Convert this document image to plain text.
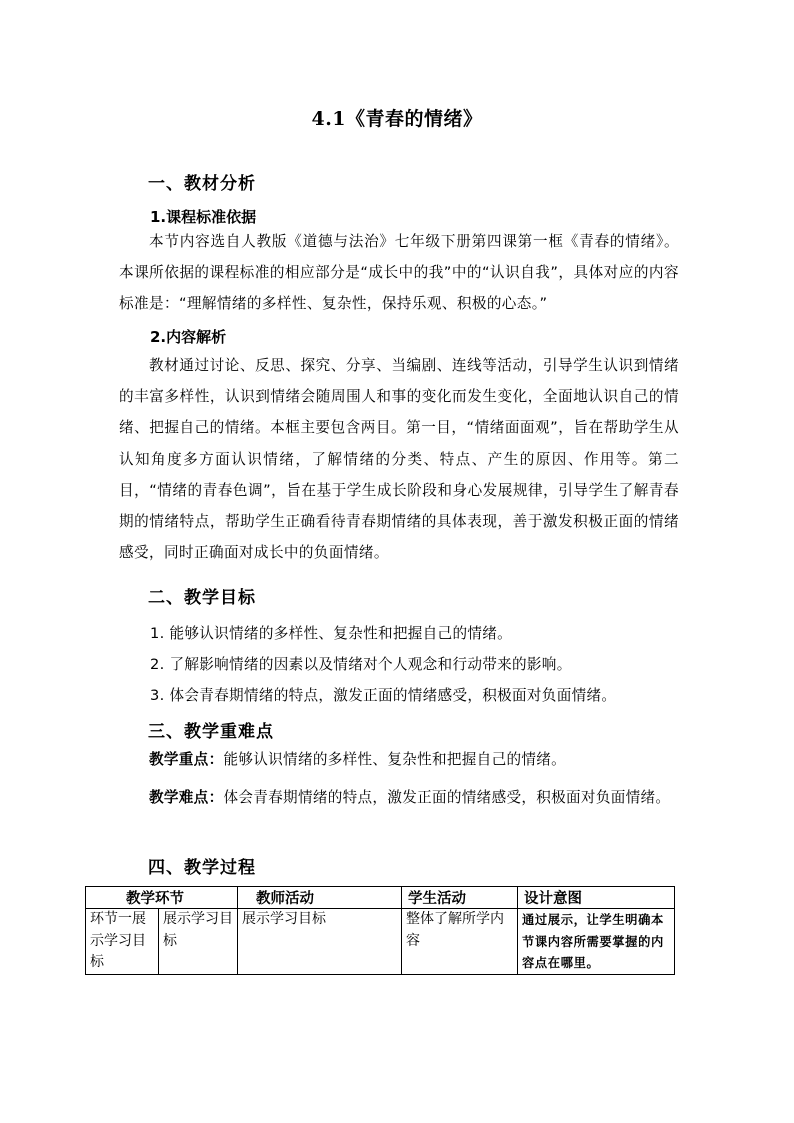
4.1《青春的情绪》
一、教材分析
1.课程标准依据
本节内容选自人教版《道德与法治》七年级下册第四课第一框《青春的情绪》。本课所依据的课程标准的相应部分是“成长中的我”中的“认识自我”，具体对应的内容标准是：“理解情绪的多样性、复杂性，保持乐观、积极的心态。”
2.内容解析
教材通过讨论、反思、探究、分享、当编剧、连线等活动，引导学生认识到情绪的丰富多样性，认识到情绪会随周围人和事的变化而发生变化，全面地认识自己的情绪、把握自己的情绪。本框主要包含两目。第一目，“情绪面面观”，旨在帮助学生从认知角度多方面认识情绪，了解情绪的分类、特点、产生的原因、作用等。第二目，“情绪的青春色调”，旨在基于学生成长阶段和身心发展规律，引导学生了解青春期的情绪特点，帮助学生正确看待青春期情绪的具体表现，善于激发积极正面的情绪感受，同时正确面对成长中的负面情绪。
二、教学目标
1. 能够认识情绪的多样性、复杂性和把握自己的情绪。
2. 了解影响情绪的因素以及情绪对个人观念和行动带来的影响。
3. 体会青春期情绪的特点，激发正面的情绪感受，积极面对负面情绪。
三、教学重难点
教学重点：能够认识情绪的多样性、复杂性和把握自己的情绪。
教学难点：体会青春期情绪的特点，激发正面的情绪感受，积极面对负面情绪。
四、教学过程
教学环节		教师活动	学生活动	设计意图
环节一展示学习目标	展示学习目标	展示学习目标	整体了解所学内容	通过展示，让学生明确本节课内容所需要掌握的内容点在哪里。
